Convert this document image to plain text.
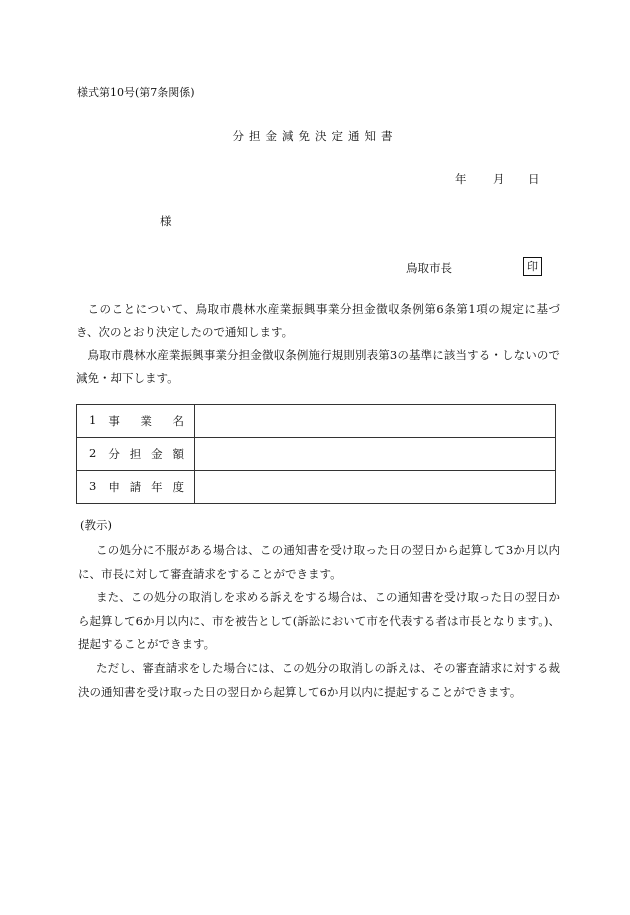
様式第10号(第7条関係)
分担金減免決定通知書
年 月 日
様
鳥取市長	印

このことについて、鳥取市農林水産業振興事業分担金徴収条例第6条第1項の規定に基づき、次のとおり決定したので通知します。

鳥取市農林水産業振興事業分担金徴収条例施行規則別表第3の基準に該当する・しないので減免・却下します。

1 事 業 名	

2 分 担 金 額	

3 申 請 年 度	

(教示)

この処分に不服がある場合は、この通知書を受け取った日の翌日から起算して3か月以内に、市長に対して審査請求をすることができます。

また、この処分の取消しを求める訴えをする場合は、この通知書を受け取った日の翌日から起算して6か月以内に、市を被告として(訴訟において市を代表する者は市長となります。)、提起することができます。

ただし、審査請求をした場合には、この処分の取消しの訴えは、その審査請求に対する裁決の通知書を受け取った日の翌日から起算して6か月以内に提起することができます。
